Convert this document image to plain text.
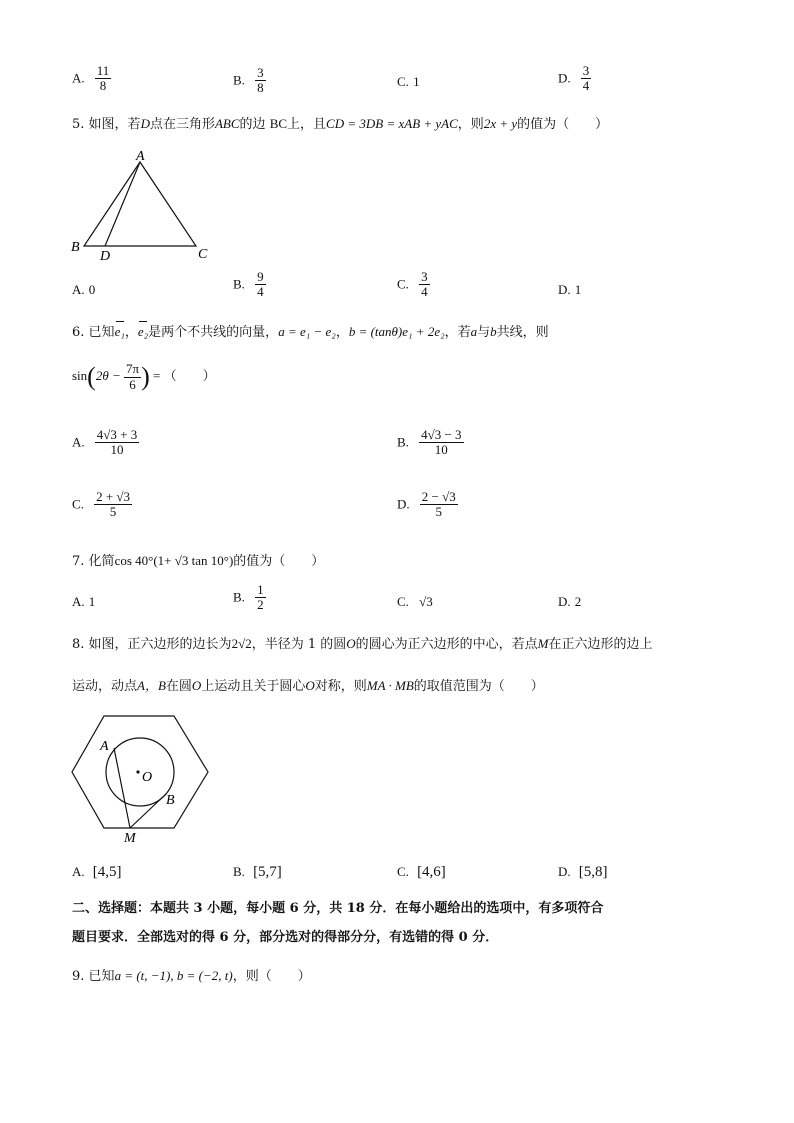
A. $\frac{11}{8}$	B. $\frac{3}{8}$	C. 1	D. $\frac{3}{4}$
5. 如图，若D点在三角形ABC的边 BC上，且CD = 3DB = xAB + yAC，则2x + y的值为（　　）
A
B	C
D
A. 0	B. $\frac{9}{4}$	C. $\frac{3}{4}$	D. 1
6. 已知e₁，e₂是两个不共线的向量，a = e₁ − e₂，b = (tanθ)e₁ + 2e₂，若a与b共线，则
$\sin(2\theta - \frac{7\pi}{6}$ ) = （　　）
A. $\frac{4√3 + 3}{10}$	B. $\frac{4√3 - 3}{10}$
C. $\frac{2 + √3}{5}$	D. $\frac{2 - √3}{5}$
7. 化简cos 40°(1+ √3 tan 10°)的值为（　　）
A. 1	B. $\frac{1}{2}$	C. √3	D. 2
8. 如图，正六边形的边长为2√2，半径为 1 的圆O的圆心为正六边形的中心，若点M在正六边形的边上
运动，动点A，B在圆O上运动且关于圆心O对称，则MA · MB的取值范围为（　　）
A
O
B
M
A. [4,5]	B. [5,7]	C. [4,6]	D. [5,8]
二、选择题：本题共 3 小题，每小题 6 分，共 18 分．在每小题给出的选项中，有多项符合
题目要求．全部选对的得 6 分，部分选对的得部分分，有选错的得 0 分．
9. 已知a = (t, −1), b = (−2, t)，则（　　）
